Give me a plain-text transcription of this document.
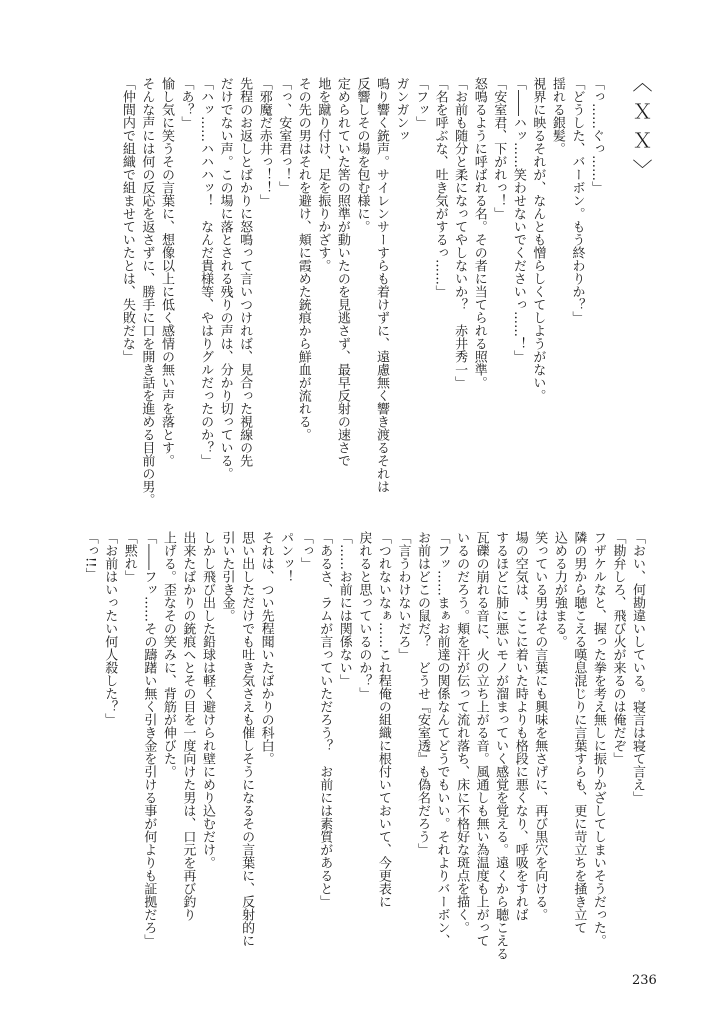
〈ＸＸ〉

「っ……ぐっ……」

「どうした、バーボン。もう終わりか？」

揺れる銀髪。

視界に映るそれが、なんとも憎らしくてしようがない。

「――ハッ……笑わせないでくださいっ……！」

「安室君、下がれっ！」

怒鳴るように呼ばれる名。その者に当てられる照準。

「お前も随分と柔になってやしないか？　赤井秀一」

「名を呼ぶな、吐き気がするっ……」

「フッ」

ガンガンッ

鳴り響く銃声。サイレンサーすらも着けずに、遠慮無く響き渡るそれは

反響しその場を包む様に。

定められていた筈の照準が動いたのを見逃さず、最早反射の速さで

地を蹴り付け、足を振りかざす。

その先の男はそれを避け、頬に霞めた銃痕から鮮血が流れる。

「っ、安室君っ！」

「邪魔だ赤井っ！！」

先程のお返しとばかりに怒鳴って言いつければ、見合った視線の先

だけでない声。この場に落とされる残りの声は、分かり切っている。

「ハッ……ハハハッ！　なんだ貴様等、やはりグルだったのか？」

「あ？」

愉し気に笑うその言葉に、想像以上に低く感情の無い声を落とす。

そんな声には何の反応を返さずに、勝手に口を開き話を進める目前の男。

「仲間内で組織で組ませていたとは、失敗だな」

「おい、何勘違いしている。寝言は寝て言え」

「勘弁しろ、飛び火が来るのは俺だぞ」

フザケルなと、握った拳を考え無しに振りかざしてしまいそうだった。

隣の男から聴こえる嘆息混じりに言葉すらも、更に苛立ちを掻き立て

込める力が強まる。

笑っている男はその言葉にも興味を無さげに、再び黒穴を向ける。

場の空気は、ここに着いた時よりも格段に悪くなり、呼吸をすれば

するほどに肺に悪いモノが溜まっていく感覚を覚える。遠くから聴こえる

瓦礫の崩れる音に、火の立ち上がる音。風通しも無い為温度も上がって

いるのだろう。頬を汗が伝って流れ落ち、床に不格好な斑点を描く。

「フッ……まぁお前達の関係なんてどうでもいい。それよりバーボン、

お前はどこの鼠だ？　どうせ『安室透』も偽名だろう」

「言うわけないだろ」

「つれないなぁ……これ程俺の組織に根付いておいて、今更表に

戻れると思っているのか？」

「……お前には関係ない」

「あるさ、ラムが言っていただろう？　お前には素質があると」

「っ」

パンッ！

それは、つい先程聞いたばかりの科白。

思い出しただけでも吐き気さえも催しそうになるその言葉に、反射的に

引いた引き金。

しかし飛び出した鉛球は軽く避けられ壁にめり込むだけ。

出来たばかりの銃痕へとその目を一度向けた男は、口元を再び釣り

上げる。歪なその笑みに、背筋が伸びた。

「――フッ……その躊躇い無く引き金を引ける事が何よりも証拠だろ」

「黙れ」

「お前はいったい何人殺した？」

「っ!!」

236
